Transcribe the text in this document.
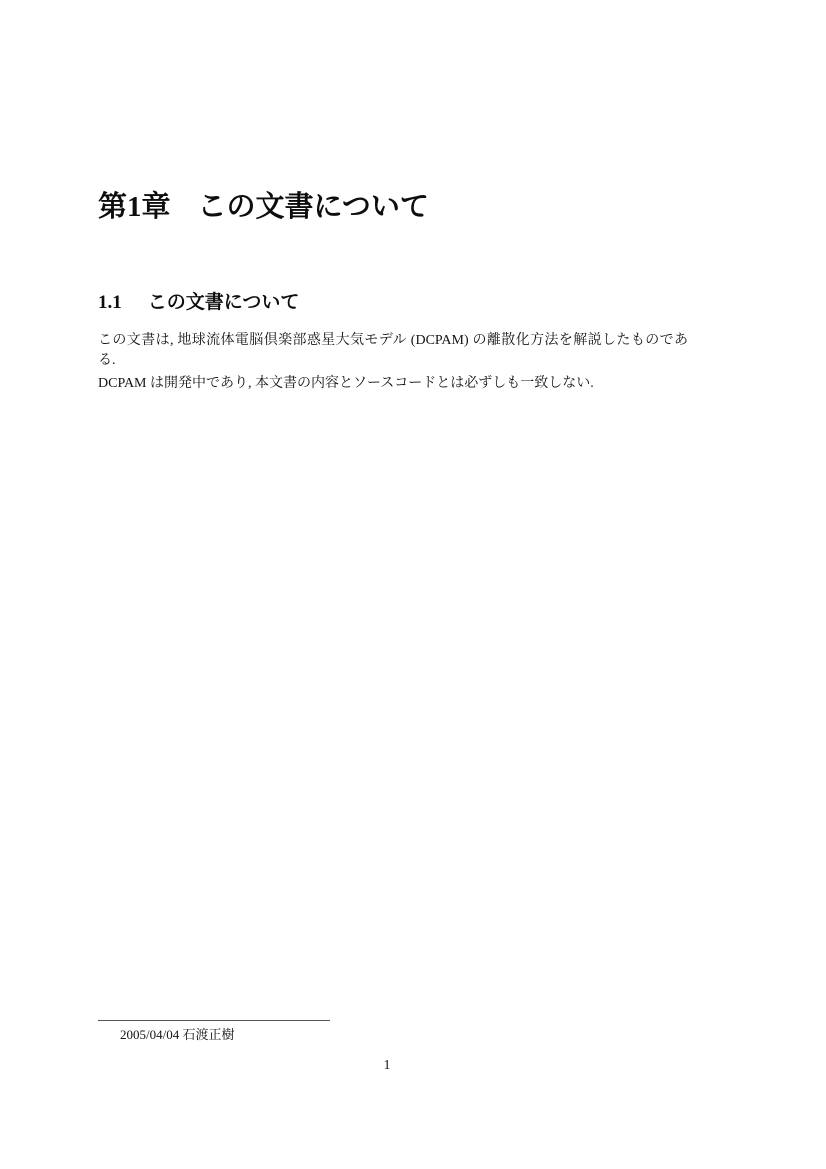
第1章 この文書について
1.1 この文書について

この文書は, 地球流体電脳倶楽部惑星大気モデル (DCPAM) の離散化方法を解説したものである.

DCPAM は開発中であり, 本文書の内容とソースコードとは必ずしも一致しない.

2005/04/04 石渡正樹
1
